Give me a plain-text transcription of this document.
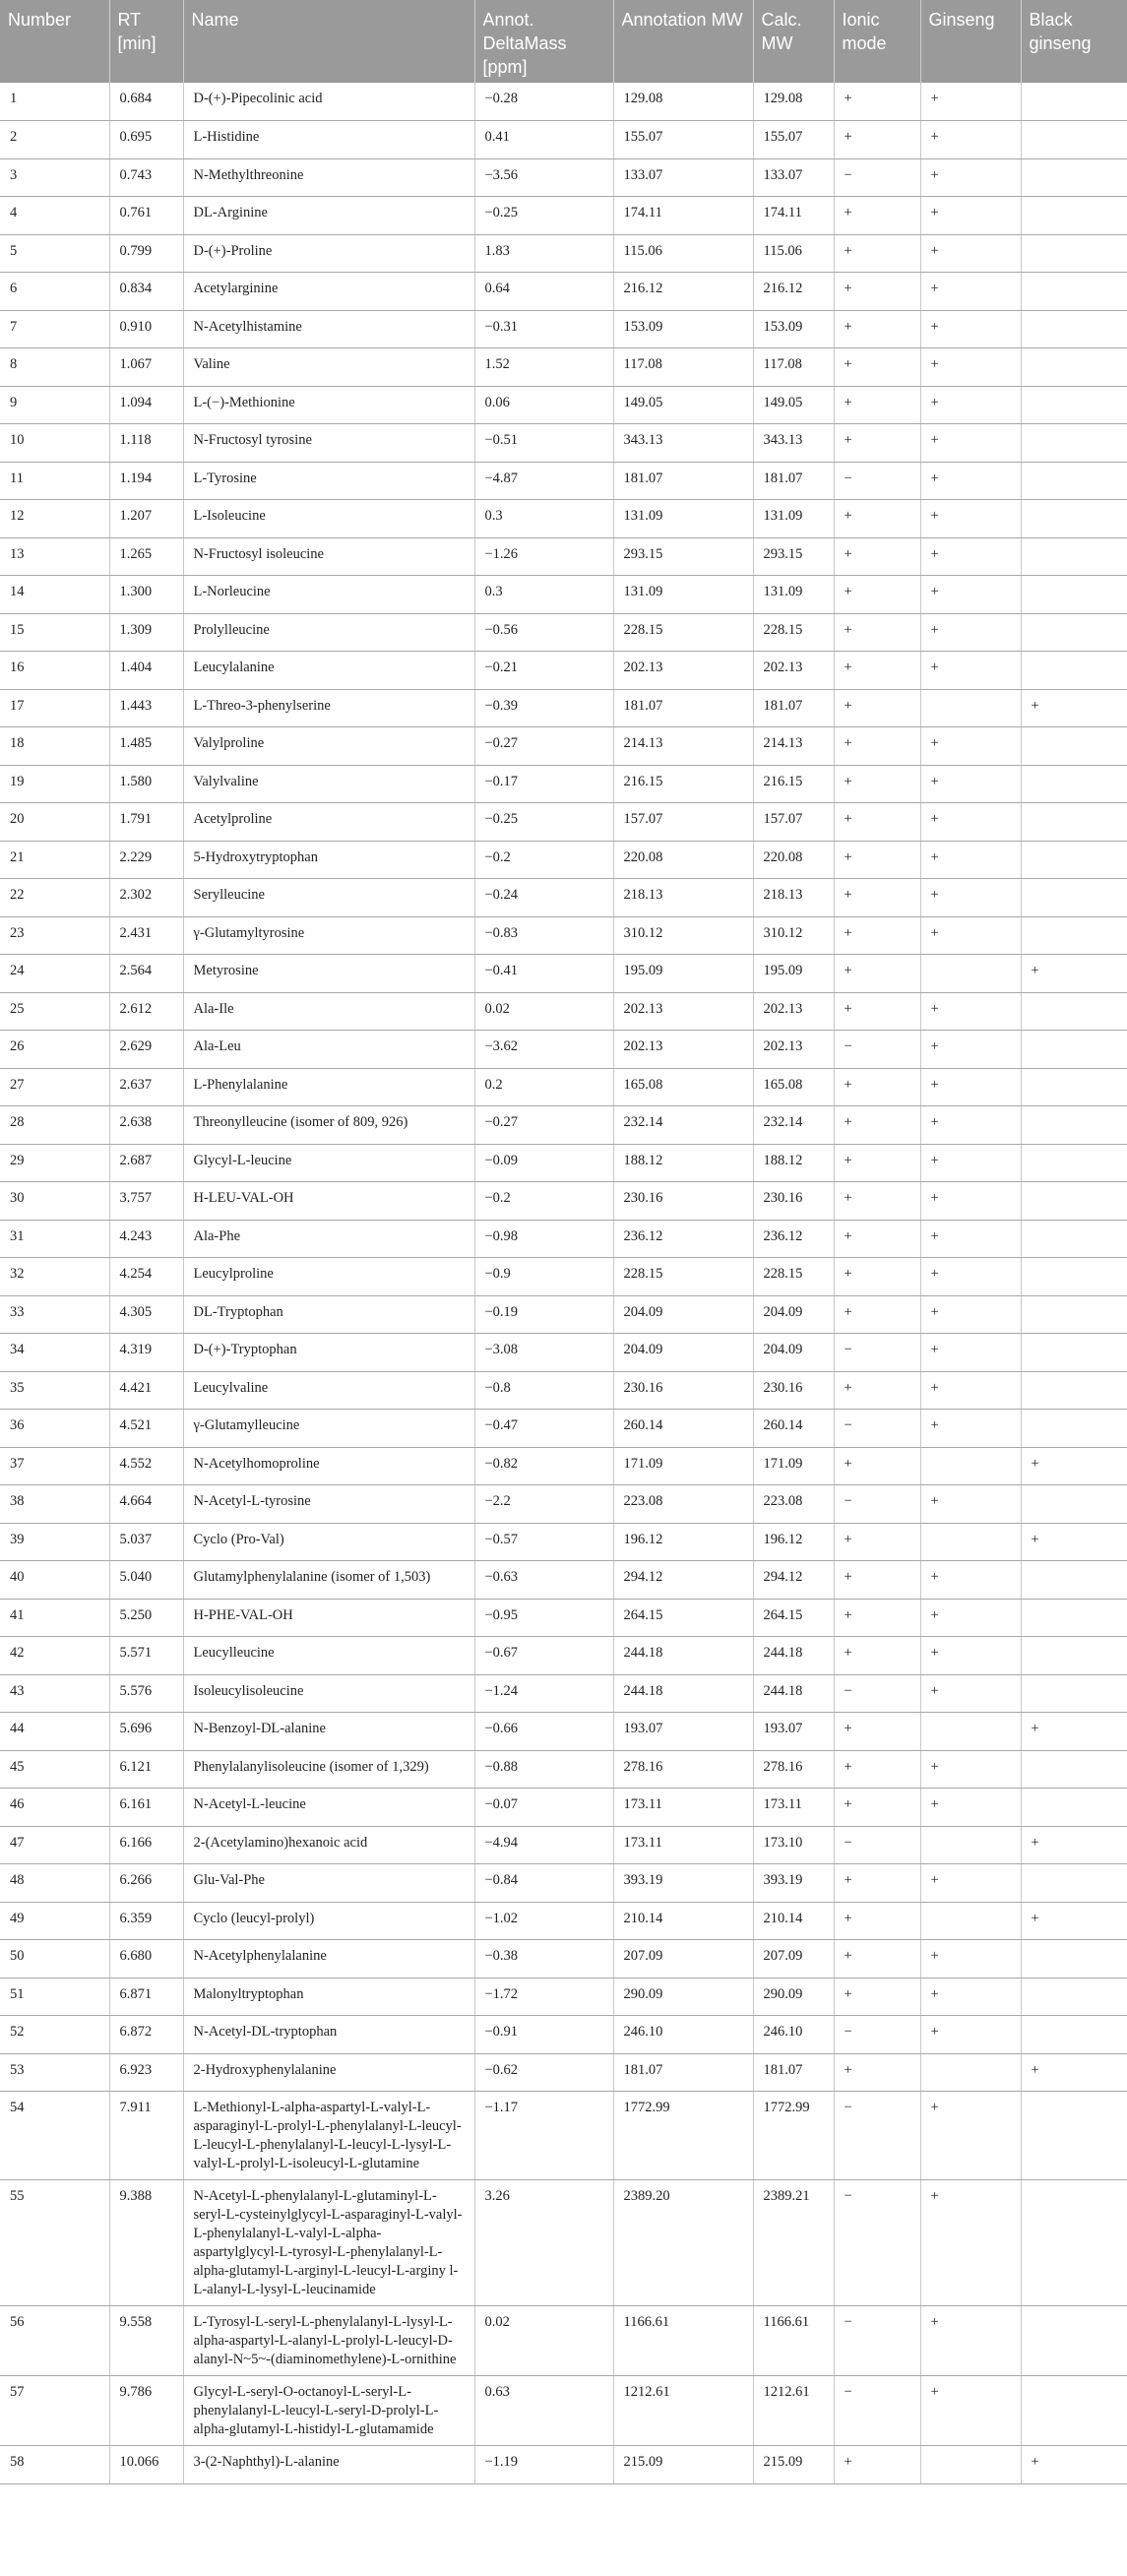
Number	RT [min]	Name	Annot. DeltaMass [ppm]	Annotation MW	Calc. MW	Ionic mode	Ginseng	Black ginseng
1	0.684	D-(+)-Pipecolinic acid	−0.28	129.08	129.08	+	+	
2	0.695	L-Histidine	0.41	155.07	155.07	+	+	
3	0.743	N-Methylthreonine	−3.56	133.07	133.07	−	+	
4	0.761	DL-Arginine	−0.25	174.11	174.11	+	+	
5	0.799	D-(+)-Proline	1.83	115.06	115.06	+	+	
6	0.834	Acetylarginine	0.64	216.12	216.12	+	+	
7	0.910	N-Acetylhistamine	−0.31	153.09	153.09	+	+	
8	1.067	Valine	1.52	117.08	117.08	+	+	
9	1.094	L-(−)-Methionine	0.06	149.05	149.05	+	+	
10	1.118	N-Fructosyl tyrosine	−0.51	343.13	343.13	+	+	
11	1.194	L-Tyrosine	−4.87	181.07	181.07	−	+	
12	1.207	L-Isoleucine	0.3	131.09	131.09	+	+	
13	1.265	N-Fructosyl isoleucine	−1.26	293.15	293.15	+	+	
14	1.300	L-Norleucine	0.3	131.09	131.09	+	+	
15	1.309	Prolylleucine	−0.56	228.15	228.15	+	+	
16	1.404	Leucylalanine	−0.21	202.13	202.13	+	+	
17	1.443	L-Threo-3-phenylserine	−0.39	181.07	181.07	+		+
18	1.485	Valylproline	−0.27	214.13	214.13	+	+	
19	1.580	Valylvaline	−0.17	216.15	216.15	+	+	
20	1.791	Acetylproline	−0.25	157.07	157.07	+	+	
21	2.229	5-Hydroxytryptophan	−0.2	220.08	220.08	+	+	
22	2.302	Serylleucine	−0.24	218.13	218.13	+	+	
23	2.431	γ-Glutamyltyrosine	−0.83	310.12	310.12	+	+	
24	2.564	Metyrosine	−0.41	195.09	195.09	+		+
25	2.612	Ala-Ile	0.02	202.13	202.13	+	+	
26	2.629	Ala-Leu	−3.62	202.13	202.13	−	+	
27	2.637	L-Phenylalanine	0.2	165.08	165.08	+	+	
28	2.638	Threonylleucine (isomer of 809, 926)	−0.27	232.14	232.14	+	+	
29	2.687	Glycyl-L-leucine	−0.09	188.12	188.12	+	+	
30	3.757	H-LEU-VAL-OH	−0.2	230.16	230.16	+	+	
31	4.243	Ala-Phe	−0.98	236.12	236.12	+	+	
32	4.254	Leucylproline	−0.9	228.15	228.15	+	+	
33	4.305	DL-Tryptophan	−0.19	204.09	204.09	+	+	
34	4.319	D-(+)-Tryptophan	−3.08	204.09	204.09	−	+	
35	4.421	Leucylvaline	−0.8	230.16	230.16	+	+	
36	4.521	γ-Glutamylleucine	−0.47	260.14	260.14	−	+	
37	4.552	N-Acetylhomoproline	−0.82	171.09	171.09	+		+
38	4.664	N-Acetyl-L-tyrosine	−2.2	223.08	223.08	−	+	
39	5.037	Cyclo (Pro-Val)	−0.57	196.12	196.12	+		+
40	5.040	Glutamylphenylalanine (isomer of 1,503)	−0.63	294.12	294.12	+	+	
41	5.250	H-PHE-VAL-OH	−0.95	264.15	264.15	+	+	
42	5.571	Leucylleucine	−0.67	244.18	244.18	+	+	
43	5.576	Isoleucylisoleucine	−1.24	244.18	244.18	−	+	
44	5.696	N-Benzoyl-DL-alanine	−0.66	193.07	193.07	+		+
45	6.121	Phenylalanylisoleucine (isomer of 1,329)	−0.88	278.16	278.16	+	+	
46	6.161	N-Acetyl-L-leucine	−0.07	173.11	173.11	+	+	
47	6.166	2-(Acetylamino)hexanoic acid	−4.94	173.11	173.10	−		+
48	6.266	Glu-Val-Phe	−0.84	393.19	393.19	+	+	
49	6.359	Cyclo (leucyl-prolyl)	−1.02	210.14	210.14	+		+
50	6.680	N-Acetylphenylalanine	−0.38	207.09	207.09	+	+	
51	6.871	Malonyltryptophan	−1.72	290.09	290.09	+	+	
52	6.872	N-Acetyl-DL-tryptophan	−0.91	246.10	246.10	−	+	
53	6.923	2-Hydroxyphenylalanine	−0.62	181.07	181.07	+		+
54	7.911	L-Methionyl-L-alpha-aspartyl-L-valyl-L-asparaginyl-L-prolyl-L-phenylalanyl-L-leucyl-L-leucyl-L-phenylalanyl-L-leucyl-L-lysyl-L-valyl-L-prolyl-L-isoleucyl-L-glutamine	−1.17	1772.99	1772.99	−	+	
55	9.388	N-Acetyl-L-phenylalanyl-L-glutaminyl-L-seryl-L-cysteinylglycyl-L-asparaginyl-L-valyl-L-phenylalanyl-L-valyl-L-alpha-aspartylglycyl-L-tyrosyl-L-phenylalanyl-L-alpha-glutamyl-L-arginyl-L-leucyl-L-arginy l-L-alanyl-L-lysyl-L-leucinamide	3.26	2389.20	2389.21	−	+	
56	9.558	L-Tyrosyl-L-seryl-L-phenylalanyl-L-lysyl-L-alpha-aspartyl-L-alanyl-L-prolyl-L-leucyl-D-alanyl-N~5~-(diaminomethylene)-L-ornithine	0.02	1166.61	1166.61	−	+	
57	9.786	Glycyl-L-seryl-O-octanoyl-L-seryl-L-phenylalanyl-L-leucyl-L-seryl-D-prolyl-L-alpha-glutamyl-L-histidyl-L-glutamamide	0.63	1212.61	1212.61	−	+	
58	10.066	3-(2-Naphthyl)-L-alanine	−1.19	215.09	215.09	+		+
